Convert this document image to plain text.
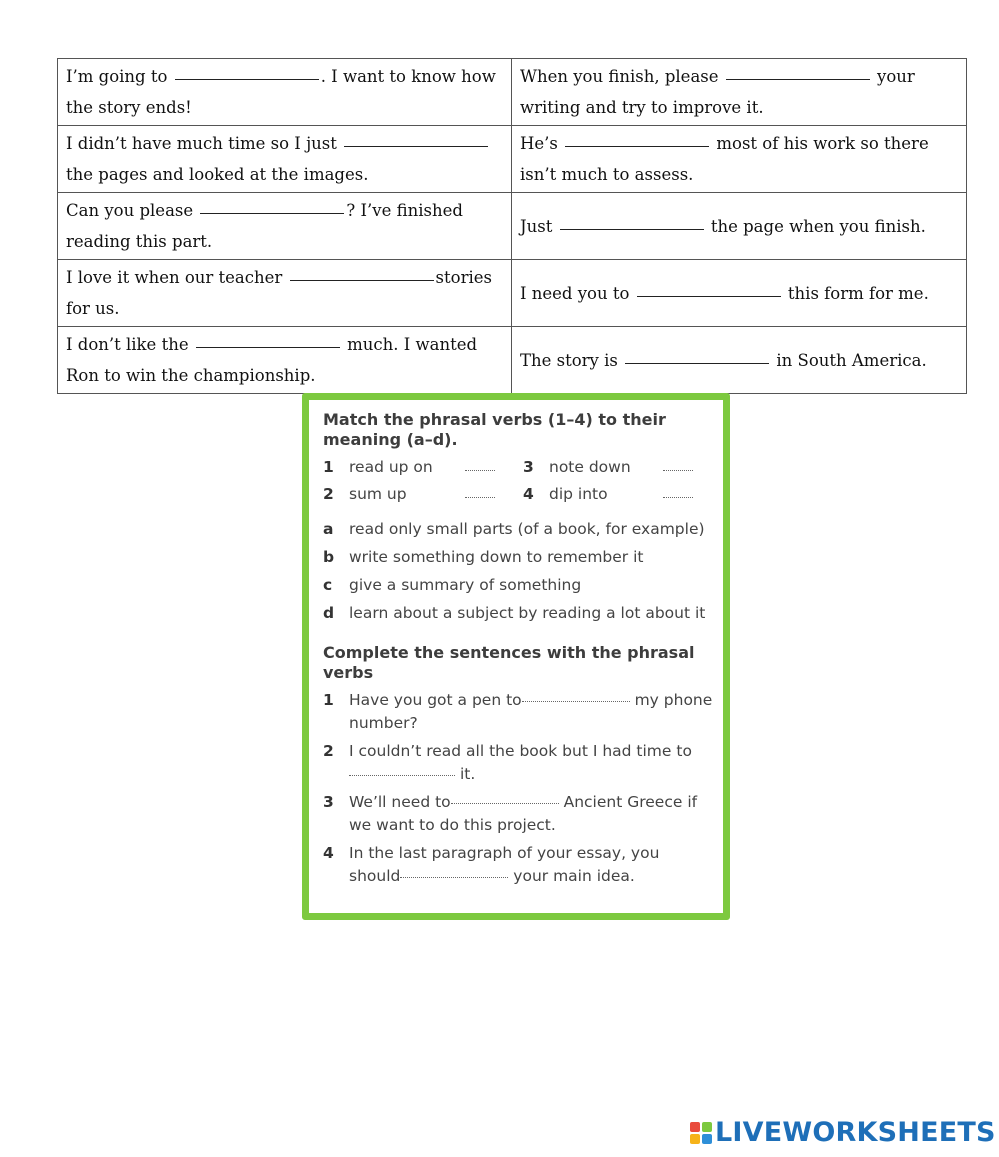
I’m going to . I want to know how the story ends!	When you finish, please your writing and try to improve it.
I didn’t have much time so I just  the pages and looked at the images.	He’s most of his work so there isn’t much to assess.
Can you please ? I’ve finished reading this part.	Just the page when you finish.
I love it when our teacher stories for us.	I need you to this form for me.
I don’t like the much. I wanted Ron to win the championship.	The story is in South America.
Match the phrasal verbs (1–4) to their meaning (a–d).
1 read up on	3 note down
2 sum up	4 dip into
a	read only small parts (of a book, for example)
b write something down to remember it
c	give a summary of something
d learn about a subject by reading a lot about it
Complete the sentences with the phrasal verbs
1 Have you got a pen to	my phone number?
2 I couldn’t read all the book but I had time to  it.
3 We’ll need to	Ancient Greece if we want to do this project.
4 In the last paragraph of your essay, you should	your main idea.
LIVEWORKSHEETS
